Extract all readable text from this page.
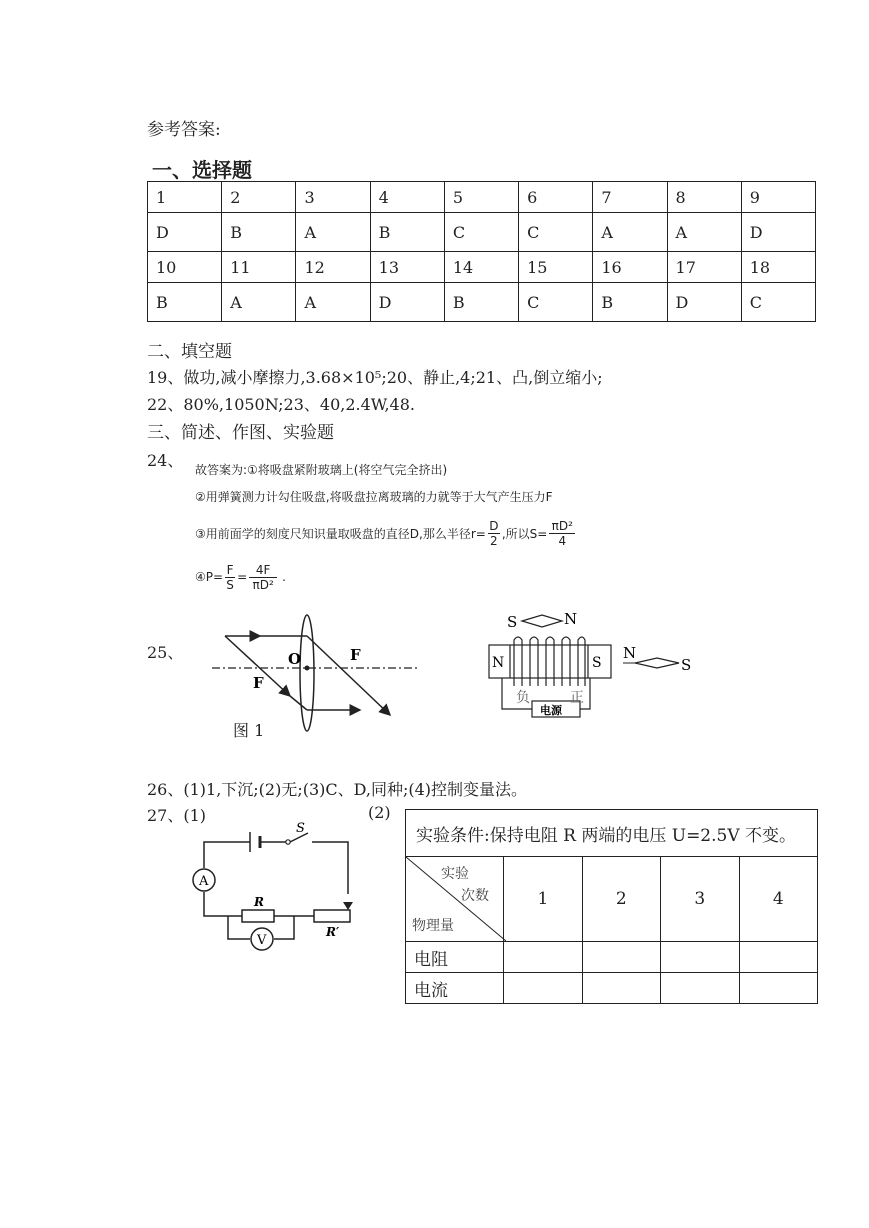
参考答案:
一、选择题
1	2	3	4	5	6	7	8	9
D	B	A	B	C	C	A	A	D
10	11	12	13	14	15	16	17	18
B	A	A	D	B	C	B	D	C
二、填空题
19、做功,减小摩擦力,3.68×10⁵;20、静止,4;21、凸,倒立缩小;
22、80%,1050N;23、40,2.4W,48.
三、简述、作图、实验题
24、 故答案为:①将吸盘紧附玻璃上(将空气完全挤出)
②用弹簧测力计勾住吸盘,将吸盘拉离玻璃的力就等于大气产生压力F
③用前面学的刻度尺知识量取吸盘的直径D,那么半径$r= \frac{D}{2}$ ,所以$S= \frac{\text{πD²}}{4}$
④P= $\frac{F}{S} = \frac{4F}{\text{πD²}}$ .
25、	O	F
F
图 1
S	N
N	S
电源
负	正
N
S
26、(1)1,下沉;(2)无;(3)C、D,同种;(4)控制变量法。
27、(1)	(2)
S
A
V
R
R′
实验条件:保持电阻 R 两端的电压 U=2.5V 不变。				

实验
次数
物理量	1	2	3	4
电阻				
电流				
